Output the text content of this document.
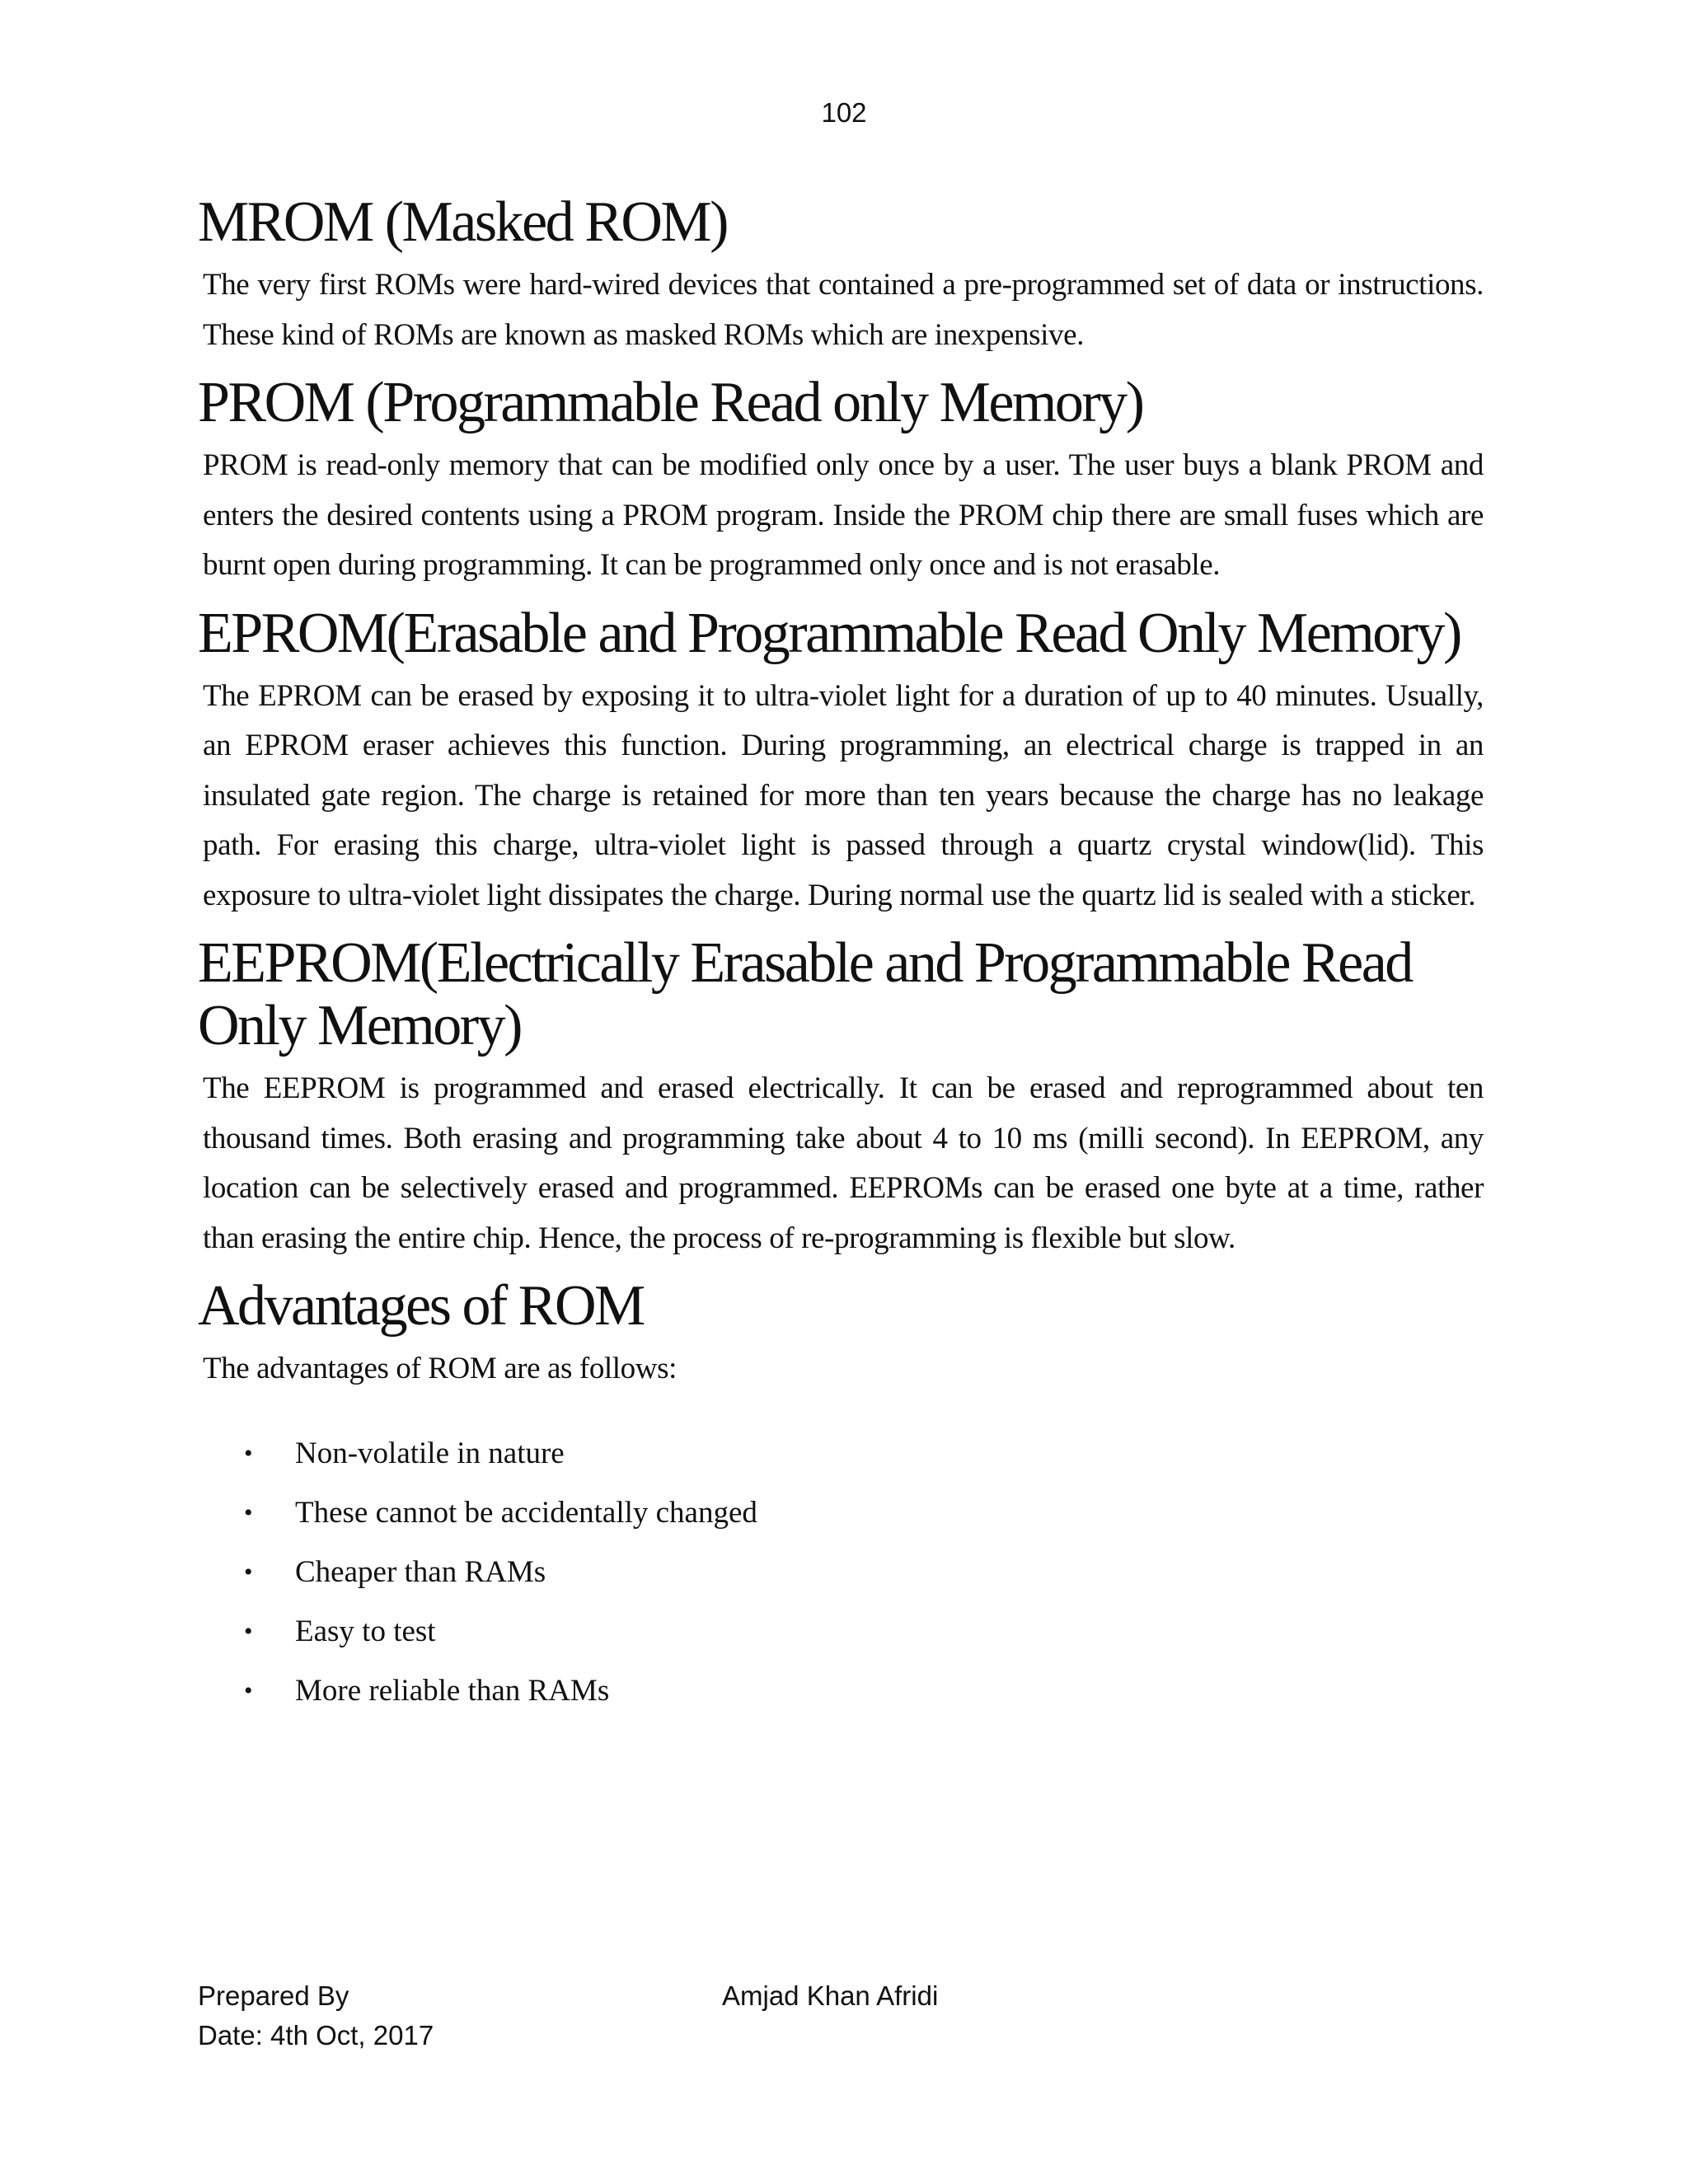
102
MROM (Masked ROM)

The very first ROMs were hard-wired devices that contained a pre-programmed set of data or instructions. These kind of ROMs are known as masked ROMs which are inexpensive.

PROM (Programmable Read only Memory)

PROM is read-only memory that can be modified only once by a user. The user buys a blank PROM and enters the desired contents using a PROM program. Inside the PROM chip there are small fuses which are burnt open during programming. It can be programmed only once and is not erasable.

EPROM(Erasable and Programmable Read Only Memory)

The EPROM can be erased by exposing it to ultra-violet light for a duration of up to 40 minutes. Usually, an EPROM eraser achieves this function. During programming, an electrical charge is trapped in an insulated gate region. The charge is retained for more than ten years because the charge has no leakage path. For erasing this charge, ultra-violet light is passed through a quartz crystal window(lid). This exposure to ultra-violet light dissipates the charge. During normal use the quartz lid is sealed with a sticker.

EEPROM(Electrically Erasable and Programmable Read Only Memory)

The EEPROM is programmed and erased electrically. It can be erased and reprogrammed about ten thousand times. Both erasing and programming take about 4 to 10 ms (milli second). In EEPROM, any location can be selectively erased and programmed. EEPROMs can be erased one byte at a time, rather than erasing the entire chip. Hence, the process of re-programming is flexible but slow.

Advantages of ROM

The advantages of ROM are as follows:

• Non-volatile in nature
• These cannot be accidentally changed
• Cheaper than RAMs
• Easy to test
• More reliable than RAMs
Prepared By
Date: 4th Oct, 2017
Amjad Khan Afridi
